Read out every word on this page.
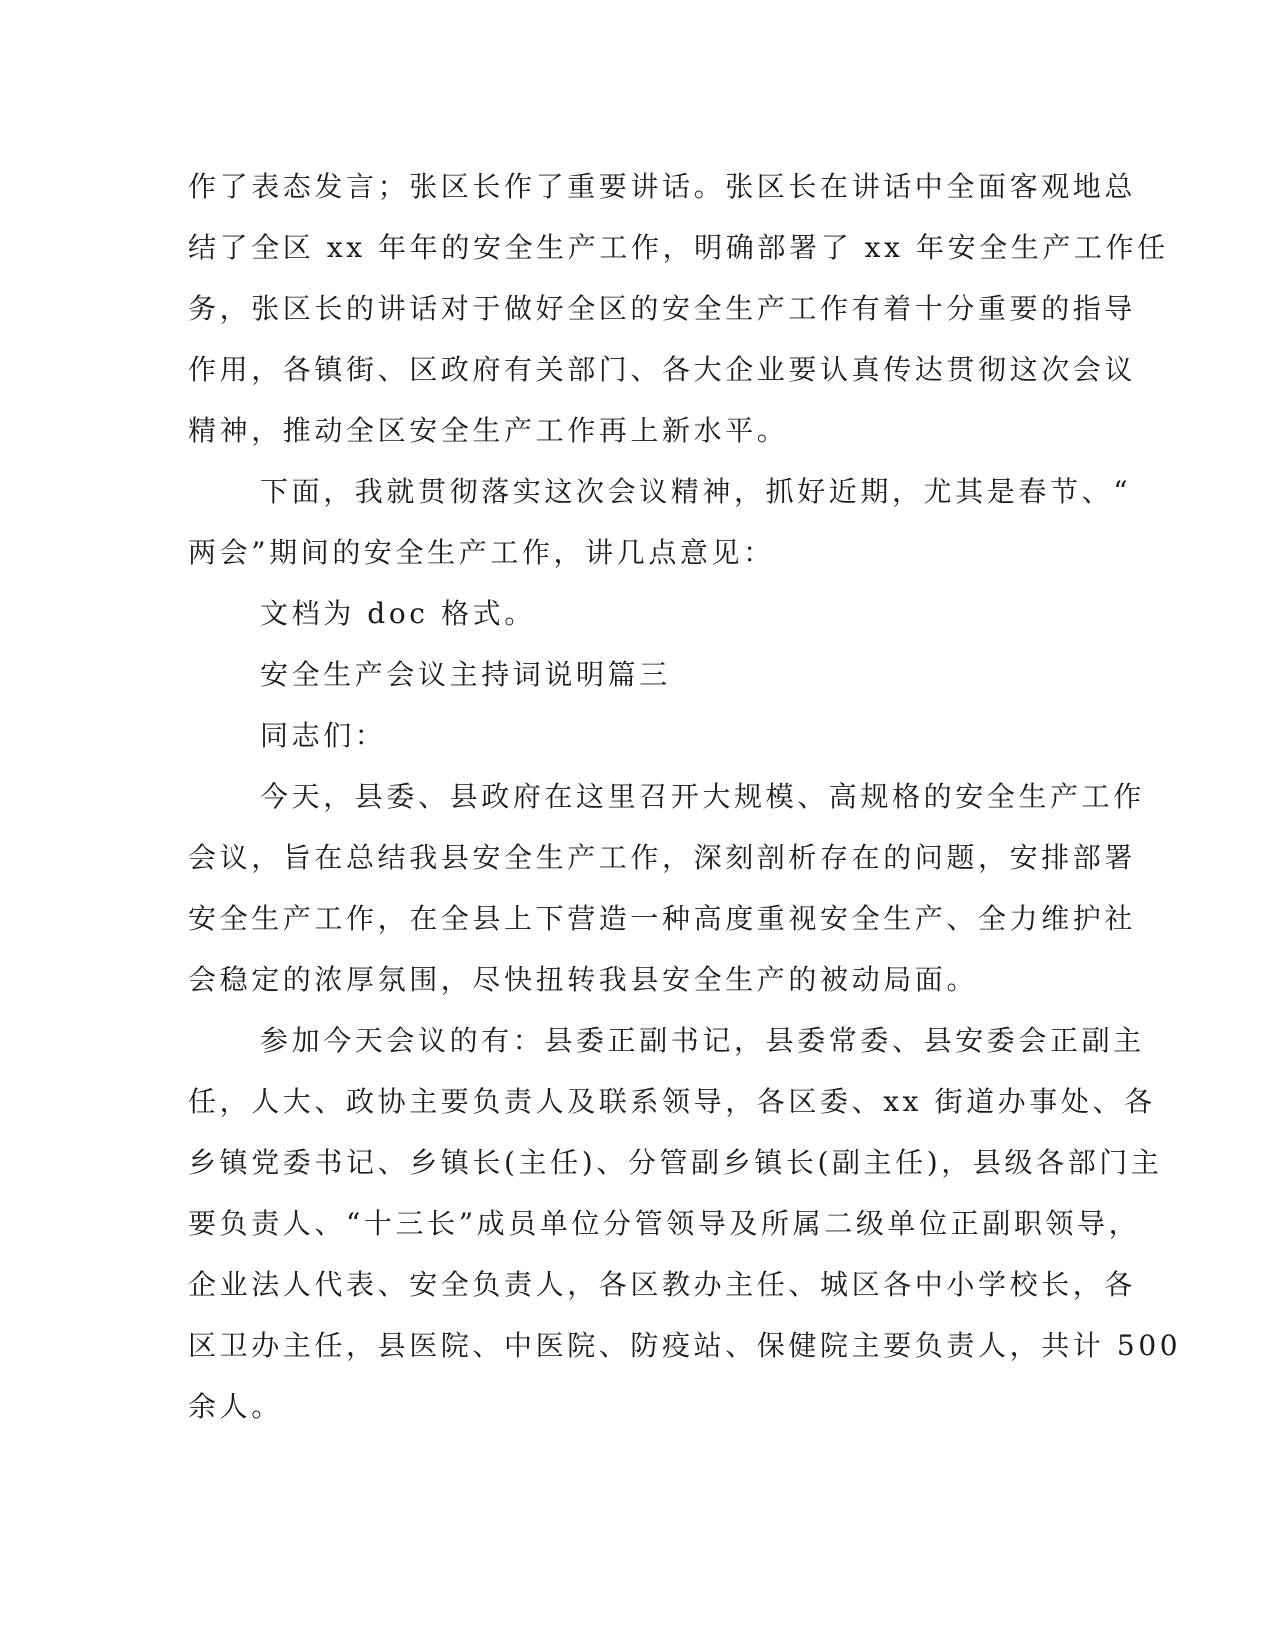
作了表态发言；张区长作了重要讲话。张区长在讲话中全面客观地总
结了全区 xx 年年的安全生产工作，明确部署了 xx 年安全生产工作任
务，张区长的讲话对于做好全区的安全生产工作有着十分重要的指导
作用，各镇街、区政府有关部门、各大企业要认真传达贯彻这次会议
精神，推动全区安全生产工作再上新水平。
下面，我就贯彻落实这次会议精神，抓好近期，尤其是春节、“
两会”期间的安全生产工作，讲几点意见：
文档为 doc 格式。
安全生产会议主持词说明篇三
同志们：
今天，县委、县政府在这里召开大规模、高规格的安全生产工作
会议，旨在总结我县安全生产工作，深刻剖析存在的问题，安排部署
安全生产工作，在全县上下营造一种高度重视安全生产、全力维护社
会稳定的浓厚氛围，尽快扭转我县安全生产的被动局面。
参加今天会议的有：县委正副书记，县委常委、县安委会正副主
任，人大、政协主要负责人及联系领导，各区委、xx 街道办事处、各
乡镇党委书记、乡镇长(主任)、分管副乡镇长(副主任)，县级各部门主
要负责人、“十三长”成员单位分管领导及所属二级单位正副职领导，
企业法人代表、安全负责人，各区教办主任、城区各中小学校长，各
区卫办主任，县医院、中医院、防疫站、保健院主要负责人，共计 500
余人。
